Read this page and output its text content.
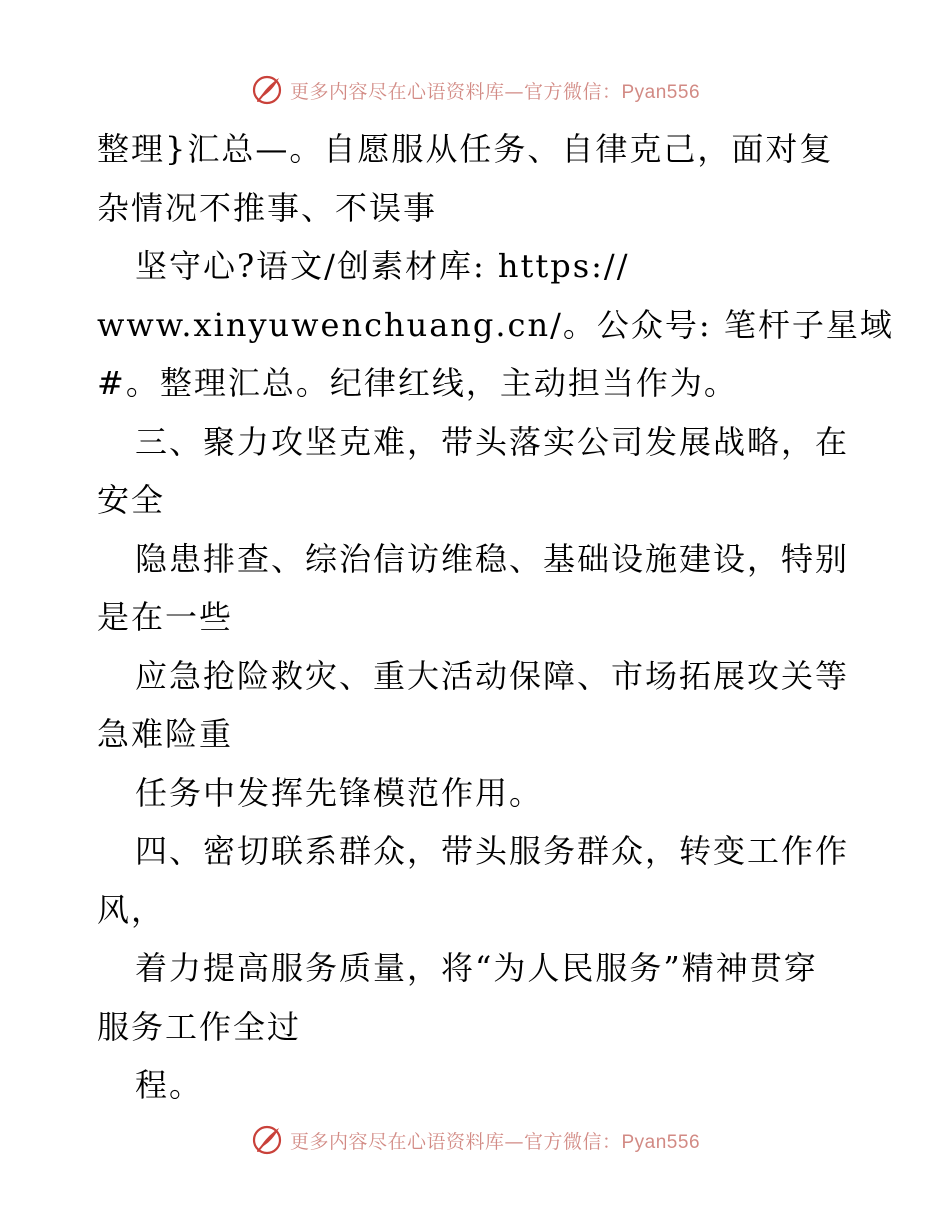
更多内容尽在心语资料库—官方微信：Pyan556
整理}汇总—。自愿服从任务、自律克己，面对复
杂情况不推事、不误事
坚守心?语文/创素材库: https://
www.xinyuwenchuang.cn/。公众号: 笔杆子星域
#。整理汇总。纪律红线，主动担当作为。
三、聚力攻坚克难，带头落实公司发展战略，在
安全
隐患排查、综治信访维稳、基础设施建设，特别
是在一些
应急抢险救灾、重大活动保障、市场拓展攻关等
急难险重
任务中发挥先锋模范作用。
四、密切联系群众，带头服务群众，转变工作作
风，
着力提高服务质量，将“为人民服务”精神贯穿
服务工作全过
程。
更多内容尽在心语资料库—官方微信：Pyan556
